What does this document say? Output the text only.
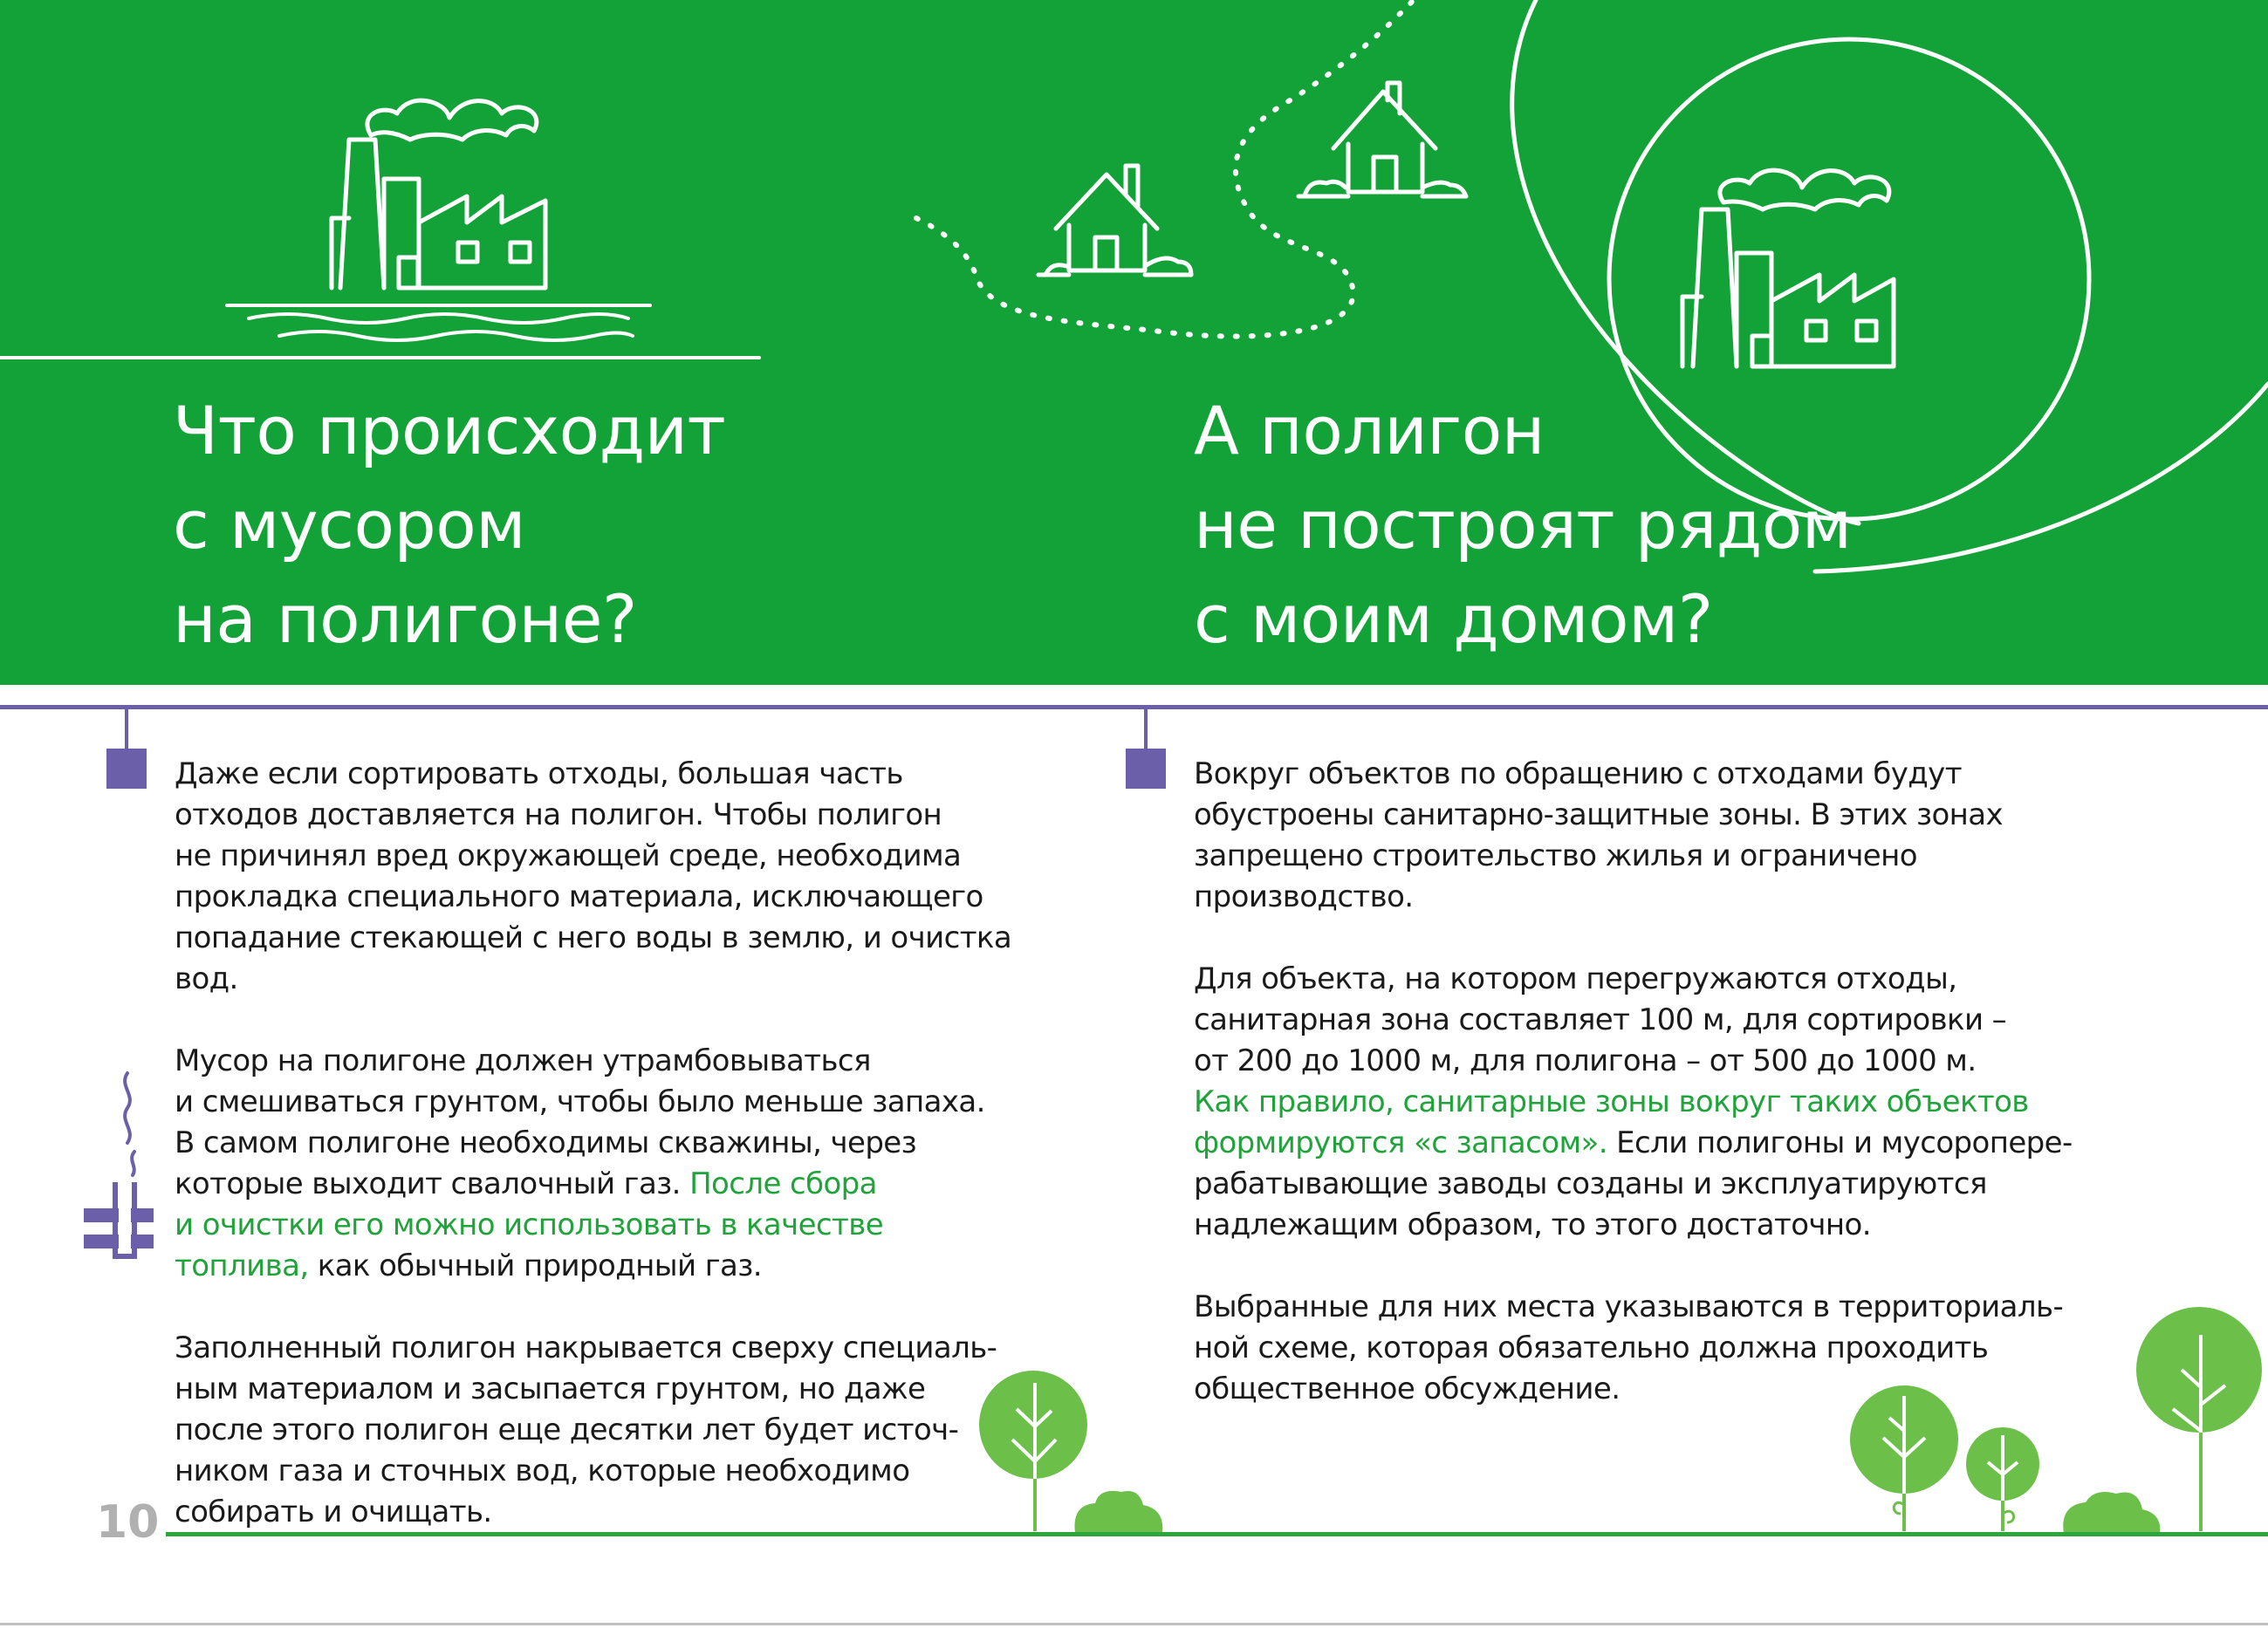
Что происходит
с мусором
на полигоне?
А полигон
не построят рядом
с моим домом?

Даже если сортировать отходы, большая часть
отходов доставляется на полигон. Чтобы полигон
не причинял вред окружающей среде, необходима
прокладка специального материала, исключающего
попадание стекающей с него воды в землю, и очистка
вод.

Мусор на полигоне должен утрамбовываться
и смешиваться грунтом, чтобы было меньше запаха.
В самом полигоне необходимы скважины, через
которые выходит свалочный газ. После сбора
и очистки его можно использовать в качестве
топлива, как обычный природный газ.

Заполненный полигон накрывается сверху специаль-
ным материалом и засыпается грунтом, но даже
после этого полигон еще десятки лет будет источ-
ником газа и сточных вод, которые необходимо
собирать и очищать.

Вокруг объектов по обращению с отходами будут
обустроены санитарно-защитные зоны. В этих зонах
запрещено строительство жилья и ограничено
производство.

Для объекта, на котором перегружаются отходы,
санитарная зона составляет 100 м, для сортировки –
от 200 до 1000 м, для полигона – от 500 до 1000 м.
Как правило, санитарные зоны вокруг таких объектов
формируются «с запасом». Если полигоны и мусоропере-
рабатывающие заводы созданы и эксплуатируются
надлежащим образом, то этого достаточно.

Выбранные для них места указываются в территориаль-
ной схеме, которая обязательно должна проходить
общественное обсуждение.

10
